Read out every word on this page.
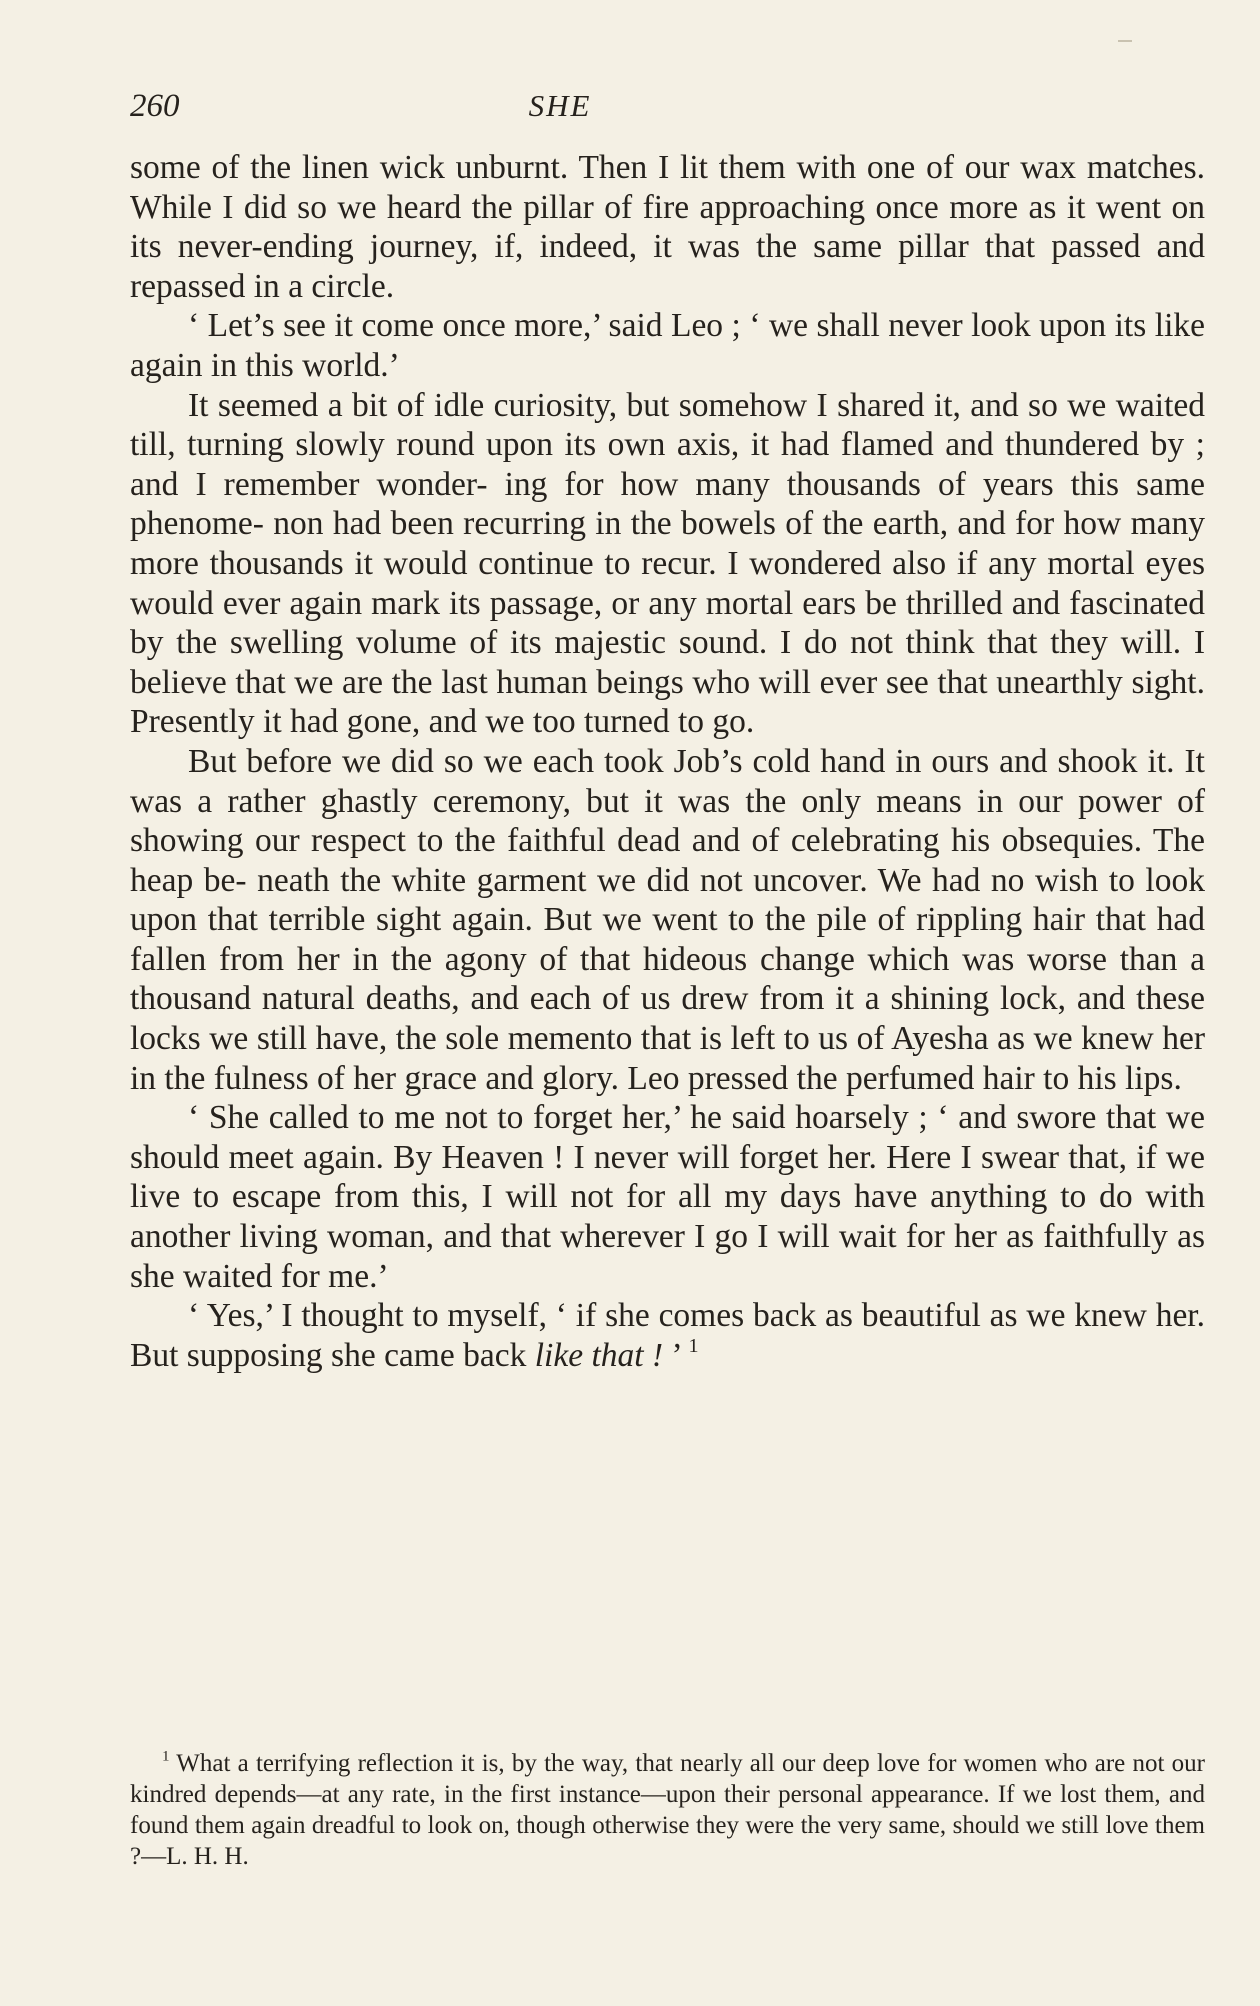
260	SHE

some of the linen wick unburnt. Then I lit them with one of our wax matches. While I did so we heard the pillar of fire approaching once more as it went on its never-ending journey, if, indeed, it was the same pillar that passed and repassed in a circle.

‘ Let’s see it come once more,’ said Leo ; ‘ we shall never look upon its like again in this world.’

It seemed a bit of idle curiosity, but somehow I shared it, and so we waited till, turning slowly round upon its own axis, it had flamed and thundered by ; and I remember wonder- ing for how many thousands of years this same phenome- non had been recurring in the bowels of the earth, and for how many more thousands it would continue to recur. I wondered also if any mortal eyes would ever again mark its passage, or any mortal ears be thrilled and fascinated by the swelling volume of its majestic sound. I do not think that they will. I believe that we are the last human beings who will ever see that unearthly sight. Presently it had gone, and we too turned to go.

But before we did so we each took Job’s cold hand in ours and shook it. It was a rather ghastly ceremony, but it was the only means in our power of showing our respect to the faithful dead and of celebrating his obsequies. The heap be- neath the white garment we did not uncover. We had no wish to look upon that terrible sight again. But we went to the pile of rippling hair that had fallen from her in the agony of that hideous change which was worse than a thousand natural deaths, and each of us drew from it a shining lock, and these locks we still have, the sole memento that is left to us of Ayesha as we knew her in the fulness of her grace and glory. Leo pressed the perfumed hair to his lips.

‘ She called to me not to forget her,’ he said hoarsely ; ‘ and swore that we should meet again. By Heaven ! I never will forget her. Here I swear that, if we live to escape from this, I will not for all my days have anything to do with another living woman, and that wherever I go I will wait for her as faithfully as she waited for me.’

‘ Yes,’ I thought to myself, ‘ if she comes back as beautiful as we knew her. But supposing she came back like that ! ’ $^1$

$^1$ What a terrifying reflection it is, by the way, that nearly all our deep love for women who are not our kindred depends—at any rate, in the first instance—upon their personal appearance. If we lost them, and found them again dreadful to look on, though otherwise they were the very same, should we still love them ?—L. H. H.
